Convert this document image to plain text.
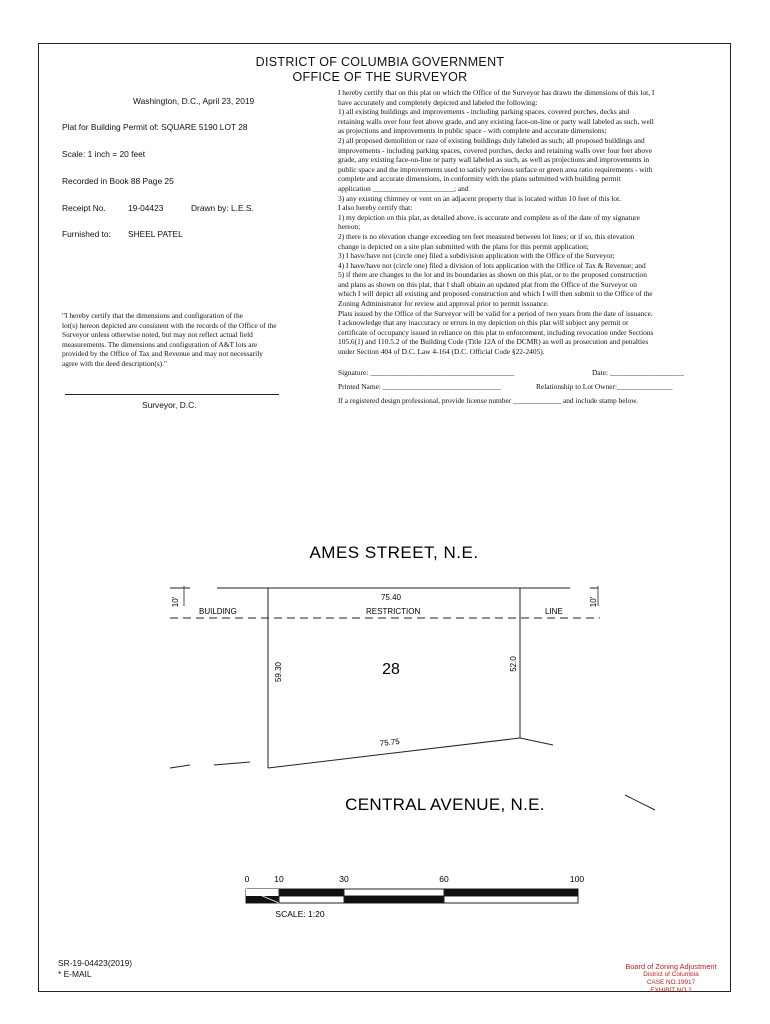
DISTRICT OF COLUMBIA GOVERNMENT
OFFICE OF THE SURVEYOR
Washington, D.C., April 23, 2019
Plat for Building Permit of: SQUARE 5190 LOT 28
Scale: 1 inch = 20 feet
Recorded in Book 88 Page 25
Receipt No.	19-04423	Drawn by: L.E.S.
Furnished to: SHEEL PATEL
"I hereby certify that the dimensions and configuration of the
lot(s) hereon depicted are consistent with the records of the Office of the
Surveyor unless otherwise noted, but may not reflect actual field
measurements. The dimensions and configuration of A&T lots are
provided by the Office of Tax and Revenue and may not necessarily
agree with the deed description(s)."
Surveyor, D.C.
I hereby certify that on this plat on which the Office of the Surveyor has drawn the dimensions of this lot, I
have accurately and completely depicted and labeled the following:
1) all existing buildings and improvements - including parking spaces, covered porches, decks and
retaining walls over four feet above grade, and any existing face-on-line or party wall labeled as such, well
as projections and improvements in public space - with complete and accurate dimensions;
2) all proposed demolition or raze of existing buildings duly labeled as such; all proposed buildings and
improvements - including parking spaces, covered porches, decks and retaining walls over four feet above
grade, any existing face-on-line or party wall labeled as such, as well as projections and improvements in
public space and the improvements used to satisfy pervious surface or green area ratio requirements - with
complete and accurate dimensions, in conformity with the plans submitted with building permit
application ______________________; and
3) any existing chimney or vent on an adjacent property that is located within 10 feet of this lot.
I also hereby certify that:
1) my depiction on this plat, as detailed above, is accurate and complete as of the date of my signature
hereon;
2) there is no elevation change exceeding ten feet measured between lot lines; or if so, this elevation
change is depicted on a site plan submitted with the plans for this permit application;
3) I have/have not (circle one) filed a subdivision application with the Office of the Surveyor;
4) I have/have not (circle one) filed a division of lots application with the Office of Tax & Revenue; and
5) if there are changes to the lot and its boundaries as shown on this plat, or to the proposed construction
and plans as shown on this plat, that I shall obtain an updated plat from the Office of the Surveyor on
which I will depict all existing and proposed construction and which I will then submit to the Office of the
Zoning Administrator for review and approval prior to permit issuance.
Plats issued by the Office of the Surveyor will be valid for a period of two years from the date of issuance.
I acknowledge that any inaccuracy or errors in my depiction on this plat will subject any permit or
certificate of occupancy issued in reliance on this plat to enforcement, including revocation under Sections
105.6(1) and 110.5.2 of the Building Code (Title 12A of the DCMR) as well as prosecution and penalties
under Section 404 of D.C. Law 4-164 (D.C. Official Code §22-2405).
Signature: _______________________________________	Date: ____________________
Printed Name: ________________________________	Relationship to Lot Owner:_______________
If a registered design professional, provide license number _____________ and include stamp below.
AMES STREET, N.E.
10'	10'
BUILDING	RESTRICTION	LINE
75.40
75.75
59.30	52.0
28
CENTRAL AVENUE, N.E.
0	10	30	60	100
SCALE: 1:20
SR-19-04423(2019)
* E-MAIL
Board of Zoning Adjustment
District of Columbia
CASE NO.19917
EXHIBIT NO.2
